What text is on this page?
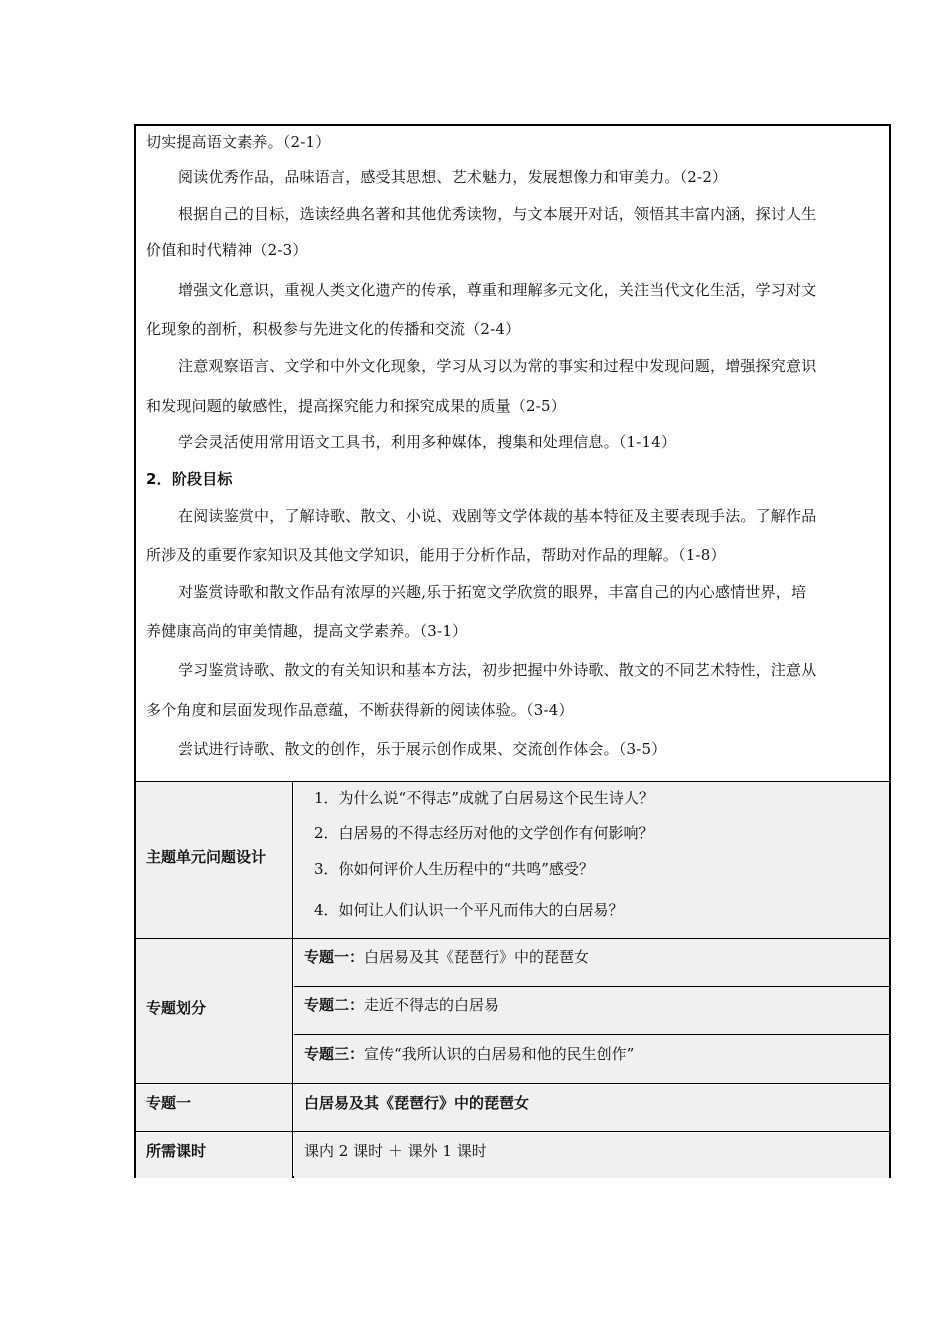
切实提高语文素养。（2-1）
阅读优秀作品，品味语言，感受其思想、艺术魅力，发展想像力和审美力。（2-2）
根据自己的目标，选读经典名著和其他优秀读物，与文本展开对话，领悟其丰富内涵，探讨人生
价值和时代精神（2-3）
增强文化意识，重视人类文化遗产的传承，尊重和理解多元文化，关注当代文化生活，学习对文
化现象的剖析，积极参与先进文化的传播和交流（2-4）
注意观察语言、文学和中外文化现象，学习从习以为常的事实和过程中发现问题，增强探究意识
和发现问题的敏感性，提高探究能力和探究成果的质量（2-5）
学会灵活使用常用语文工具书，利用多种媒体，搜集和处理信息。（1-14）
2．阶段目标
在阅读鉴赏中，了解诗歌、散文、小说、戏剧等文学体裁的基本特征及主要表现手法。了解作品
所涉及的重要作家知识及其他文学知识，能用于分析作品，帮助对作品的理解。（1-8）
对鉴赏诗歌和散文作品有浓厚的兴趣,乐于拓宽文学欣赏的眼界，丰富自己的内心感情世界，培
养健康高尚的审美情趣，提高文学素养。（3-1）
学习鉴赏诗歌、散文的有关知识和基本方法，初步把握中外诗歌、散文的不同艺术特性，注意从
多个角度和层面发现作品意蕴，不断获得新的阅读体验。（3-4）
尝试进行诗歌、散文的创作，乐于展示创作成果、交流创作体会。（3-5）
主题单元问题设计
1．为什么说“不得志”成就了白居易这个民生诗人？
2．白居易的不得志经历对他的文学创作有何影响？
3．你如何评价人生历程中的“共鸣”感受？
4．如何让人们认识一个平凡而伟大的白居易？
专题划分
专题一：白居易及其《琵琶行》中的琵琶女
专题二：走近不得志的白居易
专题三：宣传“我所认识的白居易和他的民生创作”
专题一	白居易及其《琵琶行》中的琵琶女
所需课时	课内 2 课时 ＋ 课外 1 课时
